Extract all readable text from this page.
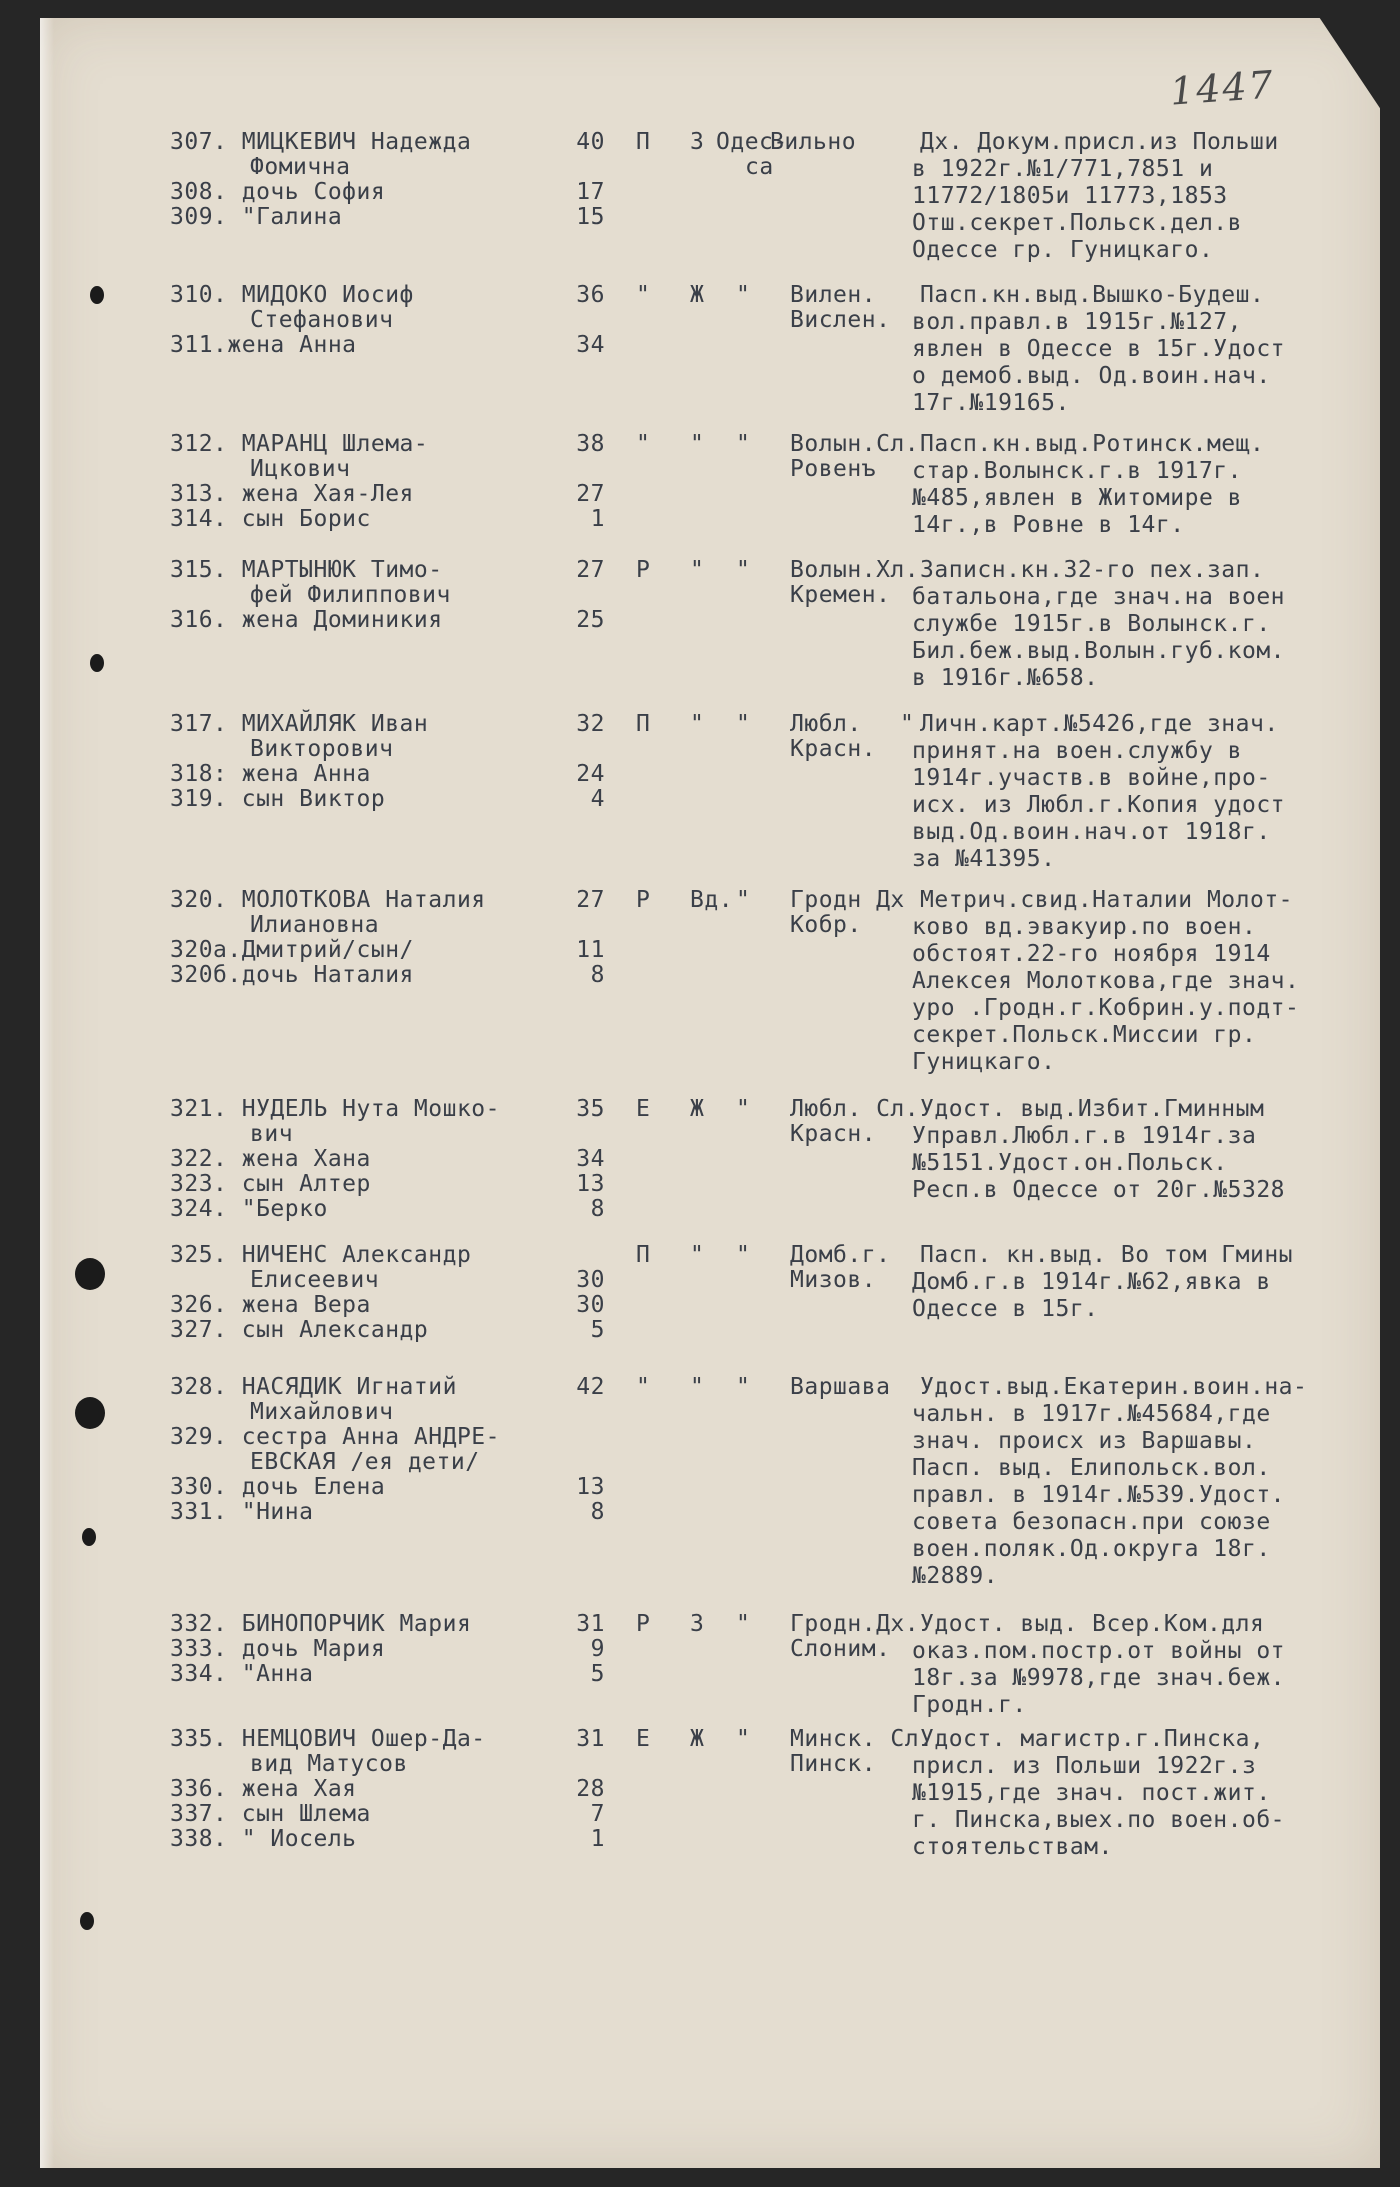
1447
307. МИЦКЕВИЧ Надежда
Фомична
308. дочь София
309. "Галина
40
17
15
П З Одес-
са
Вильно	Дх. Докум.присл.из Польши
в 1922г.№1/771,7851 и
11772/1805и 11773,1853
Отш.секрет.Польск.дел.в
Одессе гр. Гуницкаго.
310. МИДОКО Иосиф
Стефанович
311.жена Анна
36
34
" Ж " Вилен.
Вислен.
Пасп.кн.выд.Вышко-Будеш.
вол.правл.в 1915г.№127,
явлен в Одессе в 15г.Удост
о демоб.выд. Од.воин.нач.
17г.№19165.
312. МАРАНЦ Шлема-
Ицкович
313. жена Хая-Лея
314. сын Борис
38
27
1
" " " Волын.Сл.
Ровенъ
Пасп.кн.выд.Ротинск.мещ.
стар.Волынск.г.в 1917г.
№485,явлен в Житомире в
14г.,в Ровне в 14г.
315. МАРТЫНЮК Тимо-
фей Филиппович
316. жена Доминикия
27
25
Р " " Волын.Хл.
Кремен.
Записн.кн.32-го пех.зап.
батальона,где знач.на воен
службе 1915г.в Волынск.г.
Бил.беж.выд.Волын.губ.ком.
в 1916г.№658.
317. МИХАЙЛЯК Иван
Викторович
318: жена Анна
319. сын Виктор
32
24
4
П " "	"
Любл.
Красн.
Личн.карт.№5426,где знач.
принят.на воен.службу в
1914г.участв.в войне,про-
исх. из Любл.г.Копия удост
выд.Од.воин.нач.от 1918г.
за №41395.
320. МОЛОТКОВА Наталия
Илиановна
320а.Дмитрий/сын/
320б.дочь Наталия
27
11
8
Р Вд. " Гродн Дх
Кобр.
Метрич.свид.Наталии Молот-
ково вд.эвакуир.по воен.
обстоят.22-го ноября 1914
Алексея Молоткова,где знач.
уро .Гродн.г.Кобрин.у.подт-
секрет.Польск.Миссии гр.
Гуницкаго.
321. НУДЕЛЬ Нута Мошко-
вич
322. жена Хана
323. сын Алтер
324. "Берко
35
34
13
8
Е Ж " Любл. Сл.
Красн.
Удост. выд.Избит.Гминным
Управл.Любл.г.в 1914г.за
№5151.Удост.он.Польск.
Респ.в Одессе от 20г.№5328
325. НИЧЕНС Александр
Елисеевич
326. жена Вера
327. сын Александр
30
30
5
П " " Домб.г.
Мизов.
Пасп. кн.выд. Во том Гмины
Домб.г.в 1914г.№62,явка в
Одессе в 15г.
328. НАСЯДИК Игнатий
Михайлович
329. сестра Анна АНДРЕ-
ЕВСКАЯ /ея дети/
330. дочь Елена
331. "Нина
42
13
8
" " " Варшава Удост.выд.Екатерин.воин.на-
чальн. в 1917г.№45684,где
знач. происх из Варшавы.
Пасп. выд. Елипольск.вол.
правл. в 1914г.№539.Удост.
совета безопасн.при союзе
воен.поляк.Од.округа 18г.
№2889.
332. БИНОПОРЧИК Мария
333. дочь Мария
334. "Анна
31
9
5
Р З " Гродн.Дх.
Слоним.
Удост. выд. Всер.Ком.для
оказ.пом.постр.от войны от
18г.за №9978,где знач.беж.
Гродн.г.
335. НЕМЦОВИЧ Ошер-Да-
вид Матусов
336. жена Хая
337. сын Шлема
338. " Иосель
31
28
7
1
Е Ж " Минск. Сл.
Пинск.
Удост. магистр.г.Пинска,
присл. из Польши 1922г.з
№1915,где знач. пост.жит.
г. Пинска,выех.по воен.об-
стоятельствам.
